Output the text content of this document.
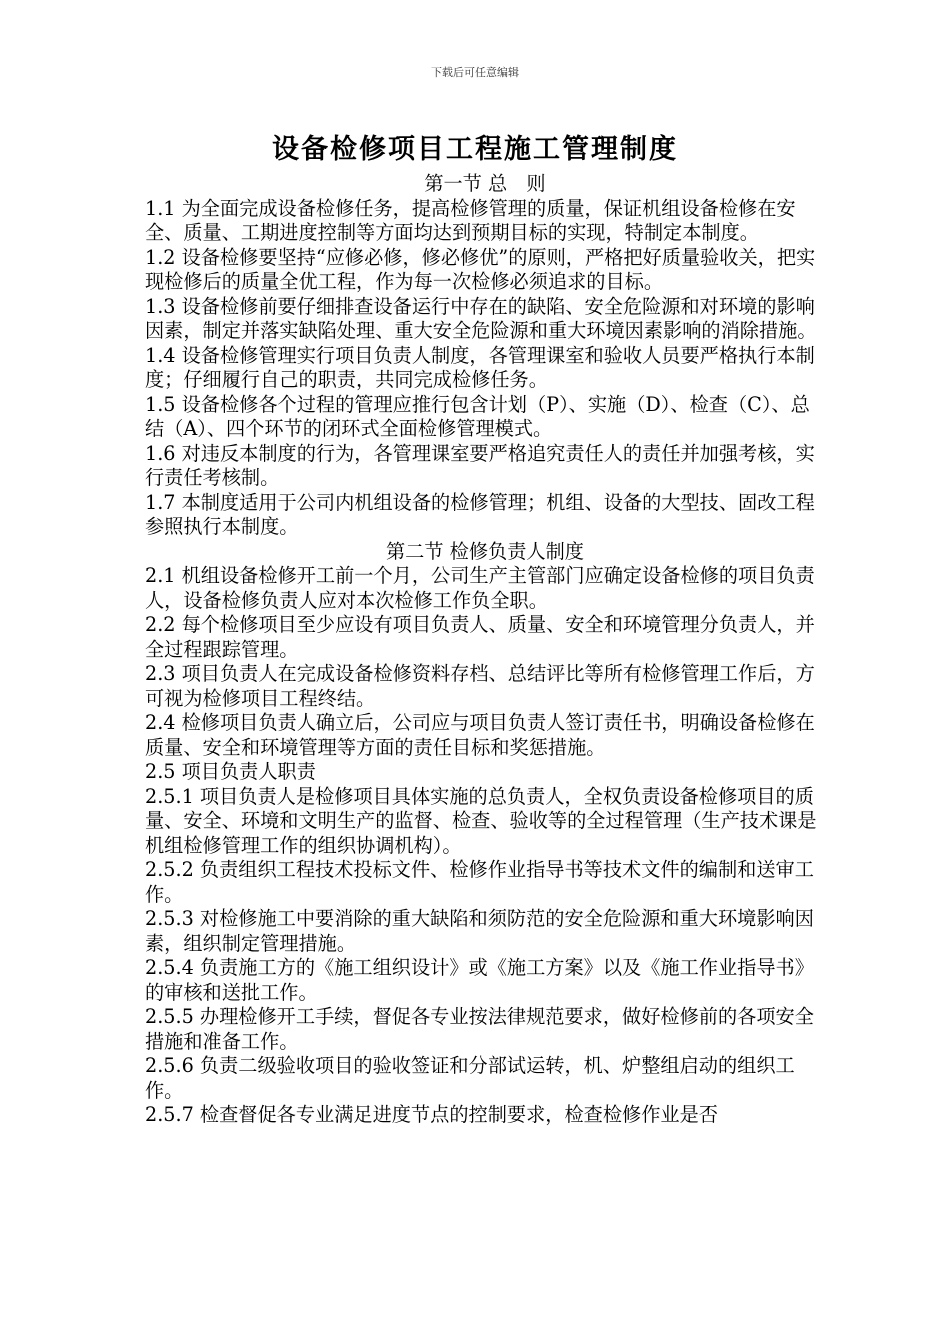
下载后可任意编辑
设备检修项目工程施工管理制度
第一节 总　则

1.1 为全面完成设备检修任务，提高检修管理的质量，保证机组设备检修在安全、质量、工期进度控制等方面均达到预期目标的实现，特制定本制度。

1.2 设备检修要坚持“应修必修，修必修优”的原则，严格把好质量验收关，把实现检修后的质量全优工程，作为每一次检修必须追求的目标。

1.3 设备检修前要仔细排查设备运行中存在的缺陷、安全危险源和对环境的影响因素，制定并落实缺陷处理、重大安全危险源和重大环境因素影响的消除措施。

1.4 设备检修管理实行项目负责人制度，各管理课室和验收人员要严格执行本制度；仔细履行自己的职责，共同完成检修任务。

1.5 设备检修各个过程的管理应推行包含计划（P）、实施（D）、检查（C）、总结（A）、四个环节的闭环式全面检修管理模式。

1.6 对违反本制度的行为，各管理课室要严格追究责任人的责任并加强考核，实行责任考核制。

1.7 本制度适用于公司内机组设备的检修管理；机组、设备的大型技、固改工程参照执行本制度。

第二节 检修负责人制度

2.1 机组设备检修开工前一个月，公司生产主管部门应确定设备检修的项目负责人，设备检修负责人应对本次检修工作负全职。

2.2 每个检修项目至少应设有项目负责人、质量、安全和环境管理分负责人，并全过程跟踪管理。

2.3 项目负责人在完成设备检修资料存档、总结评比等所有检修管理工作后，方可视为检修项目工程终结。

2.4 检修项目负责人确立后，公司应与项目负责人签订责任书，明确设备检修在质量、安全和环境管理等方面的责任目标和奖惩措施。

2.5 项目负责人职责

2.5.1 项目负责人是检修项目具体实施的总负责人，全权负责设备检修项目的质量、安全、环境和文明生产的监督、检查、验收等的全过程管理（生产技术课是机组检修管理工作的组织协调机构）。

2.5.2 负责组织工程技术投标文件、检修作业指导书等技术文件的编制和送审工作。

2.5.3 对检修施工中要消除的重大缺陷和须防范的安全危险源和重大环境影响因素，组织制定管理措施。

2.5.4 负责施工方的《施工组织设计》或《施工方案》以及《施工作业指导书》的审核和送批工作。

2.5.5 办理检修开工手续，督促各专业按法律规范要求，做好检修前的各项安全措施和准备工作。

2.5.6 负责二级验收项目的验收签证和分部试运转，机、炉整组启动的组织工作。

2.5.7 检查督促各专业满足进度节点的控制要求，检查检修作业是否
